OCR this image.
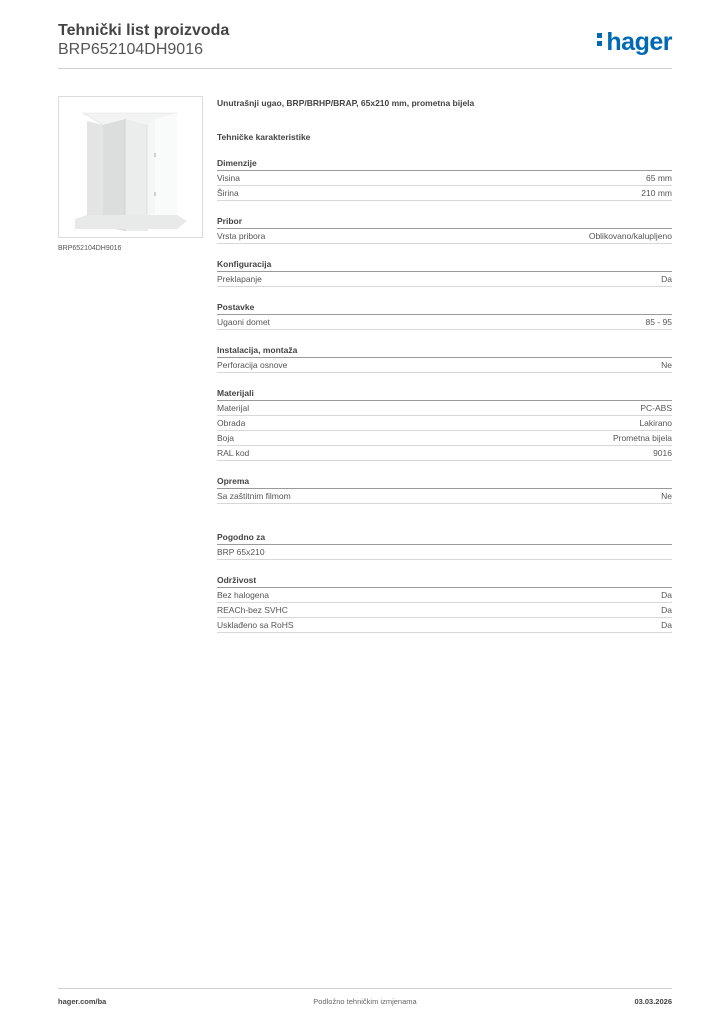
Tehnički list proizvoda
BRP652104DH9016	hager
BRP652104DH9016
Unutrašnji ugao, BRP/BRHP/BRAP, 65x210 mm, prometna bijela
Tehničke karakteristike
Dimenzije
Visina	65 mm
Širina	210 mm
Pribor
Vrsta pribora	Oblikovano/kalupljeno
Konfiguracija
Preklapanje	Da
Postavke
Ugaoni domet	85 - 95
Instalacija, montaža
Perforacija osnove	Ne
Materijali
Materijal	PC-ABS
Obrada	Lakirano
Boja	Prometna bijela
RAL kod	9016
Oprema
Sa zaštitnim filmom	Ne
Pogodno za
BRP 65x210
Održivost
Bez halogena	Da
REACh-bez SVHC	Da
Usklađeno sa RoHS	Da
hager.com/ba	Podložno tehničkim izmjenama	03.03.2026
